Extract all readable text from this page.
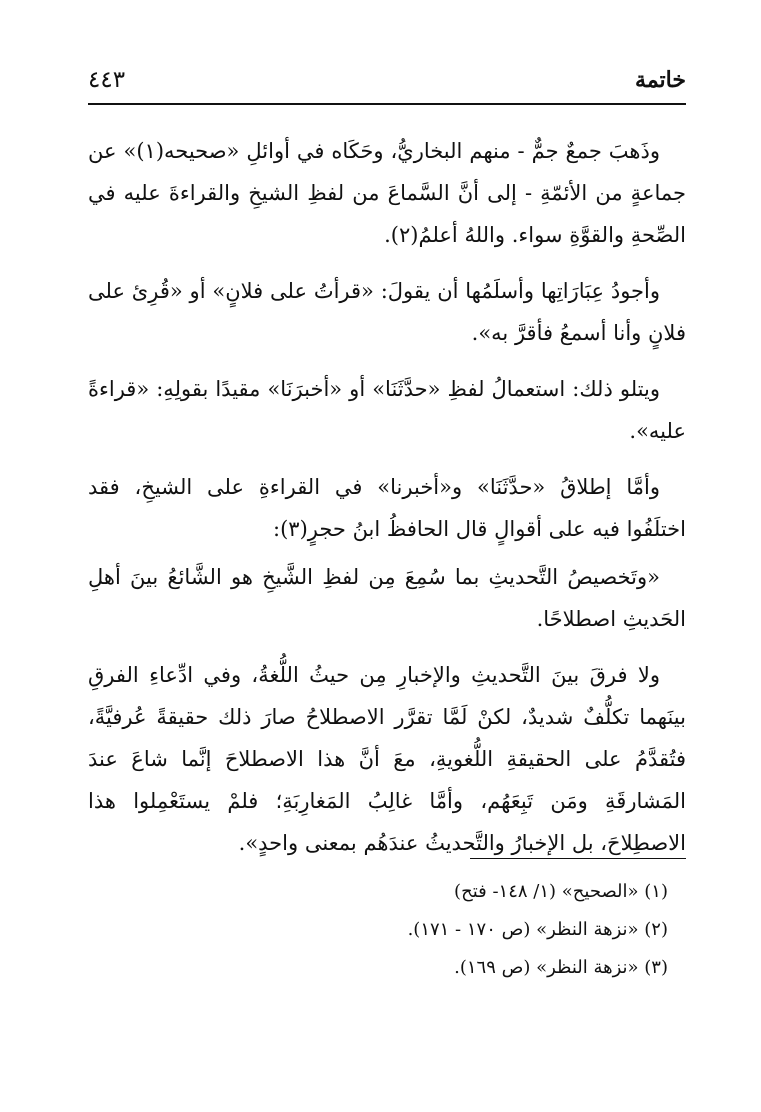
خاتمة
٤٤٣

وذَهبَ جمعٌ جمٌّ - منهم البخاريُّ، وحَكَاه في أوائلِ «صحيحه(١)» عن جماعةٍ من الأئمّةِ - إلى أنَّ السَّماعَ من لفظِ الشيخِ والقراءةَ عليه في الصِّحةِ والقوَّةِ سواء. واللهُ أعلمُ(٢).

وأجودُ عِبَارَاتِها وأسلَمُها أن يقولَ: «قرأتُ على فلانٍ» أو «قُرِئ على فلانٍ وأنا أسمعُ فأقرَّ به».

ويتلو ذلك: استعمالُ لفظِ «حدَّثَنَا» أو «أخبرَنَا» مقيدًا بقولِهِ: «قراءةً عليه».

وأمَّا إطلاقُ «حدَّثَنَا» و«أخبرنا» في القراءةِ على الشيخِ، فقد اختلَفُوا فيه على أقوالٍ قال الحافظُ ابنُ حجرٍ(٣):

«وتَخصيصُ التَّحديثِ بما سُمِعَ مِن لفظِ الشَّيخِ هو الشَّائعُ بينَ أهلِ الحَديثِ اصطلاحًا.

ولا فرقَ بينَ التَّحديثِ والإخبارِ مِن حيثُ اللُّغةُ، وفي ادِّعاءِ الفرقِ بينَهما تكلُّفٌ شديدٌ، لكنْ لَمَّا تقرَّر الاصطلاحُ صارَ ذلك حقيقةً عُرفيَّةً، فتُقدَّمُ على الحقيقةِ اللُّغويةِ، معَ أنَّ هذا الاصطلاحَ إنَّما شاعَ عندَ المَشارقَةِ ومَن تَبِعَهُم، وأمَّا غالِبُ المَغارِبَةِ؛ فلمْ يستَعْمِلوا هذا الاصطِلاحَ، بل الإخبارُ والتَّحديثُ عندَهُم بمعنى واحدٍ».

(١) «الصحيح» (١/ ١٤٨- فتح)
(٢) «نزهة النظر» (ص ١٧٠ - ١٧١).
(٣) «نزهة النظر» (ص ١٦٩).
